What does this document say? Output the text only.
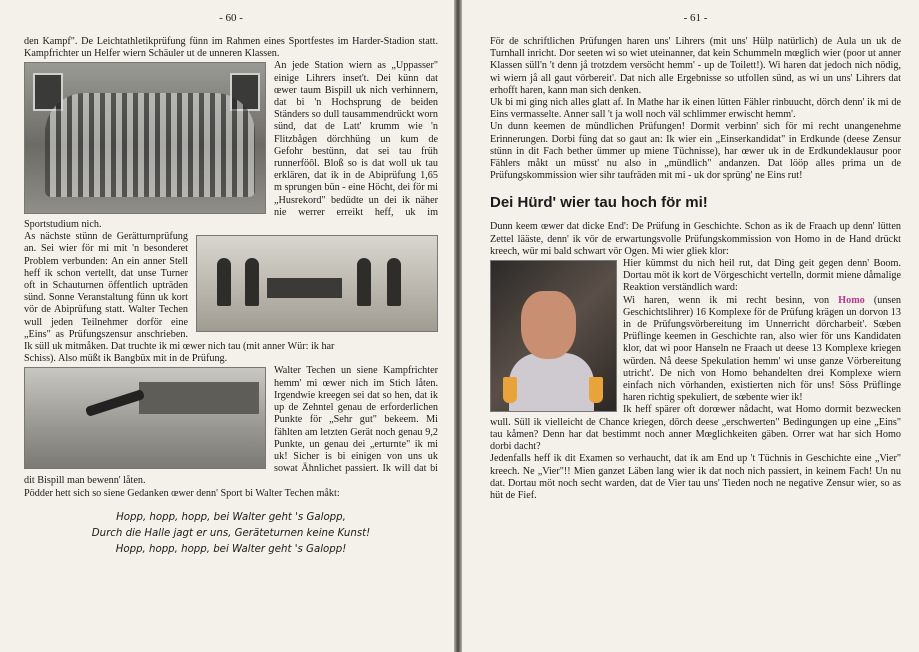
- 60 -

den Kampf". De Leichtathletikprüfung fünn im Rahmen eines Sportfestes im Harder-Stadion statt. Kampfrichter un Helfer wiern Schäuler ut de unneren Klassen.

An jede Station wiern as „Uppasser" einige Lihrers inset't. Dei künn dat œwer taum Bispill uk nich verhinnern, dat bi 'n Hochsprung de beiden Ständers so dull tausammendrückt worn sünd, dat de Latt' krumm wie 'n Flitzbågen dörchhüng un kum de Gefohr bestünn, dat sei tau früh runnerföôl. Bloß so is dat woll uk tau erklären, dat ik in de Abiprüfung 1,65 m sprungen bün - eine Höcht, dei för mi „Husrekord" bedüdte un dei ik näher nie werrer erreikt heff, uk im Sportstudium nich.

As nächste stünn de Gerätturnprüfung an. Sei wier för mi mit 'n besonderet Problem verbunden: An ein anner Stell heff ik schon vertellt, dat unse Turner oft in Schauturnen öffentlich upträden sünd. Sonne Veranstaltung fünn uk kort vör de Abiprüfung statt. Walter Techen wull jeden Teilnehmer dorför eine „Eins" as Prüfungszensur anschrieben. Ik süll uk mitmåken. Dat truchte ik mi œwer nich tau (mit anner Wür: ik har

Schiss). Also müßt ik Bangbüx mit in de Prüfung.

Walter Techen un siene Kampfrichter hemm' mi œwer nich im Stich låten. Irgendwie kreegen sei dat so hen, dat ik up de Zehntel genau de erforderlichen Punkte för „Sehr gut" bekeem. Mi fählten am letzten Gerät noch genau 9,2 Punkte, un genau dei „erturnte" ik mi uk! Sicher is bi einigen von uns uk sowat Ähnlichet passiert. Ik will dat bi dit Bispill man bewenn' låten.

Pödder hett sich so siene Gedanken œwer denn' Sport bi Walter Techen måkt:

Hopp, hopp, hopp, bei Walter geht 's Galopp,
Durch die Halle jagt er uns, Geräteturnen keine Kunst!
Hopp, hopp, hopp, bei Walter geht 's Galopp!
- 61 -

För de schriftlichen Prüfungen haren uns' Lihrers (mit uns' Hülp natürlich) de Aula un uk de Turnhall inricht. Dor seeten wi so wiet uteinanner, dat kein Schummeln mœglich wier (poor ut anner Klassen süll'n 't denn jå trotzdem versöcht hemm' - up de Toilett!). Wi haren dat jedoch nich nödig, wi wiern jå all gaut vörbereit'. Dat nich alle Ergebnisse so utfollen sünd, as wi un uns' Lihrers dat erhofft haren, kann man sich denken.

Uk bi mi ging nich alles glatt af. In Mathe har ik einen lütten Fähler rinbuucht, dörch denn' ik mi de Eins vermasselte. Anner sall 't ja woll noch väl schlimmer erwischt hemm'.

Un dunn keemen de mündlichen Prüfungen! Dormit verbinn' sich för mi recht unangenehme Erinnerungen. Dorbi füng dat so gaut an: Ik wier ein „Einserkandidat" in Erdkunde (deese Zensur stünn in dit Fach bether ümmer up miene Tüchnisse), har œwer uk in de Erdkundeklausur poor Fählers måkt un müsst' nu also in „mündlich" andanzen. Dat lööp alles prima un de Prüfungskommission wier sihr taufräden mit mi - uk dor sprüng' ne Eins rut!

Dei Hürd' wier tau hoch för mi!

Dunn keem œwer dat dicke End': De Prüfung in Geschichte. Schon as ik de Fraach up denn' lütten Zettel lääste, denn' ik vör de erwartungsvolle Prüfungskommission von Homo in de Hand drückt kreech, wür mi bald schwart vör Ogen. Mi wier gliek klor:

Hier kümmst du nich heil rut, dat Ding geit gegen denn' Boom. Dortau möt ik kort de Vörgeschicht vertelln, dormit miene dåmalige Reaktion verständlich ward:

Wi haren, wenn ik mi recht besinn, von Homo (unsen Geschichtslihrer) 16 Komplexe för de Prüfung krägen un dorvon 13 in de Prüfungsvörbereitung im Unnerricht dörcharbeit'. Sœben Prüflinge keemen in Geschichte ran, also wier för uns Kandidaten klor, dat wi poor Hanseln ne Fraach ut deese 13 Komplexe kriegen würden. Nå deese Spekulation hemm' wi unse ganze Vörbereitung utricht'. De nich von Homo behandelten drei Komplexe wiern einfach nich vörhanden, existierten nich för uns! Söss Prüflinge haren richtig spekuliert, de sœbente wier ik!

Ik heff spärer oft dorœwer nådacht, wat Homo dormit bezwecken wull. Süll ik vielleicht de Chance kriegen, dörch deese „erschwerten" Bedingungen up eine „Eins" tau kåmen? Denn har dat bestimmt noch anner Mœglichkeiten gäben. Orrer wat har sich Homo dorbi dacht?

Jedenfalls heff ik dit Examen so verhaucht, dat ik am End up 't Tüchnis in Geschichte eine „Vier" kreech. Ne „Vier"!! Mien ganzet Läben lang wier ik dat noch nich passiert, in keinem Fach! Un nu dat. Dortau möt noch secht warden, dat de Vier tau uns' Tieden noch ne negative Zensur wier, so as hüt de Fief.
